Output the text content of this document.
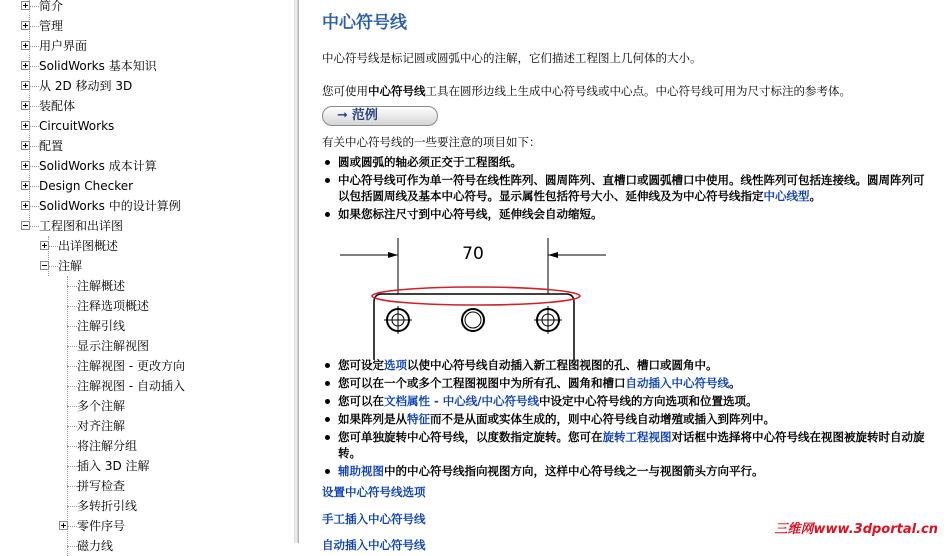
简介
管理
用户界面
SolidWorks 基本知识
从 2D 移动到 3D
装配体
CircuitWorks
配置
SolidWorks 成本计算
Design Checker
SolidWorks 中的设计算例
工程图和出详图
出详图概述
注解
注解概述
注释选项概述
注解引线
显示注解视图
注解视图 - 更改方向
注解视图 - 自动插入
多个注解
对齐注解
将注解分组
插入 3D 注解
拼写检查
多转折引线
零件序号
磁力线
中心符号线
中心符号线是标记圆或圆弧中心的注解，它们描述工程图上几何体的大小。
您可使用中心符号线工具在圆形边线上生成中心符号线或中心点。中心符号线可用为尺寸标注的参考体。
➞ 范例
有关中心符号线的一些要注意的项目如下：
圆或圆弧的轴必须正交于工程图纸。
中心符号线可作为单一符号在线性阵列、圆周阵列、直槽口或圆弧槽口中使用。线性阵列可包括连接线。圆周阵列可以包括圆周线及基本中心符号。显示属性包括符号大小、延伸线及为中心符号线指定中心线型。
如果您标注尺寸到中心符号线，延伸线会自动缩短。
70
您可设定选项以使中心符号线自动插入新工程图视图的孔、槽口或圆角中。
您可以在一个或多个工程图视图中为所有孔、圆角和槽口自动插入中心符号线。
您可以在文档属性 - 中心线/中心符号线中设定中心符号线的方向选项和位置选项。
如果阵列是从特征而不是从面或实体生成的，则中心符号线自动增殖或插入到阵列中。
您可单独旋转中心符号线，以度数指定旋转。您可在旋转工程视图对话框中选择将中心符号线在视图被旋转时自动旋转。
辅助视图中的中心符号线指向视图方向，这样中心符号线之一与视图箭头方向平行。
设置中心符号线选项
手工插入中心符号线
自动插入中心符号线
三维网www.3dportal.cn
